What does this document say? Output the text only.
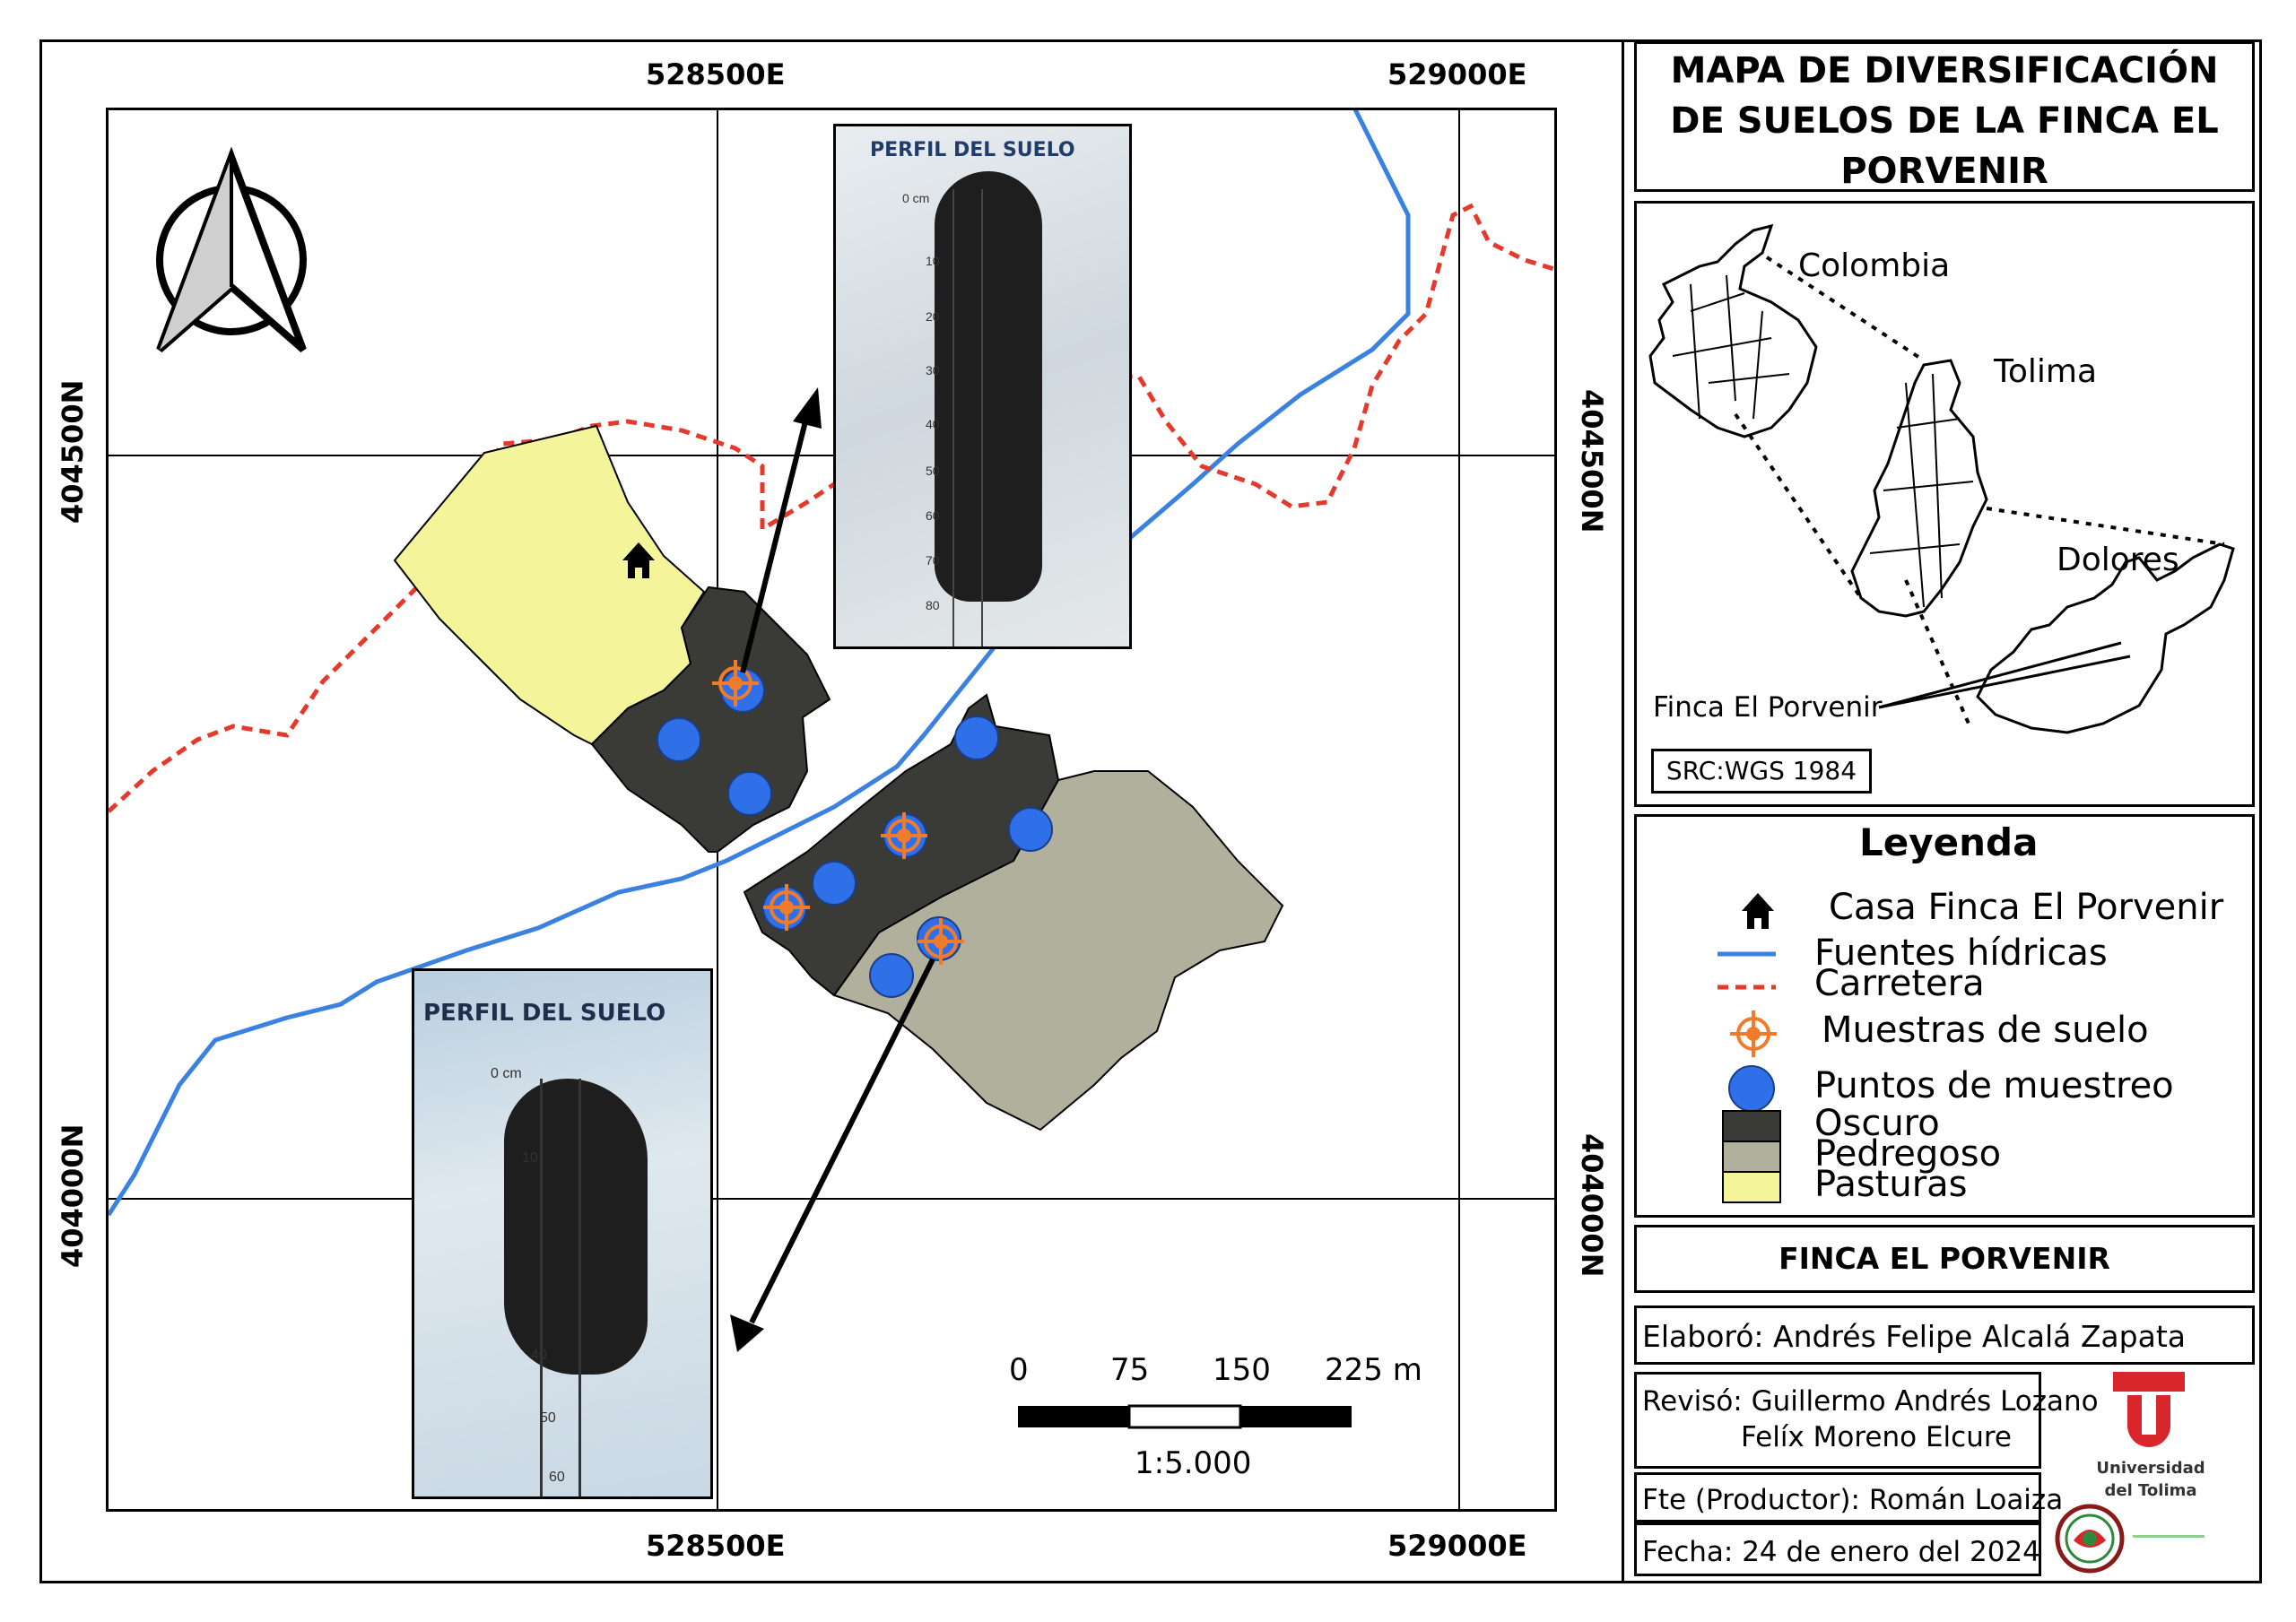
PERFIL DEL SUELO
0 cm
10
20
30
40
50
60
70
80
PERFIL DEL SUELO
0 cm
10
40
50
60
528500E	529000E
528500E	529000E
404500N
404000N
404500N
404000N
0	75 150 225 m
1:5.000
MAPA DE DIVERSIFICACIÓN
DE SUELOS DE LA FINCA EL
PORVENIR
Colombia
Tolima
Dolores
Finca El Porvenir
SRC:WGS 1984
Leyenda
Casa Finca El Porvenir
Fuentes hídricas
Carretera
Muestras de suelo
Puntos de muestreo
Oscuro
Pedregoso
Pasturas
FINCA EL PORVENIR
Elaboró: Andrés Felipe Alcalá Zapata
Revisó: Guillermo Andrés Lozano
Felíx Moreno Elcure
Fte (Productor): Román Loaiza
Fecha: 24 de enero del 2024
Universidad
del Tolima
